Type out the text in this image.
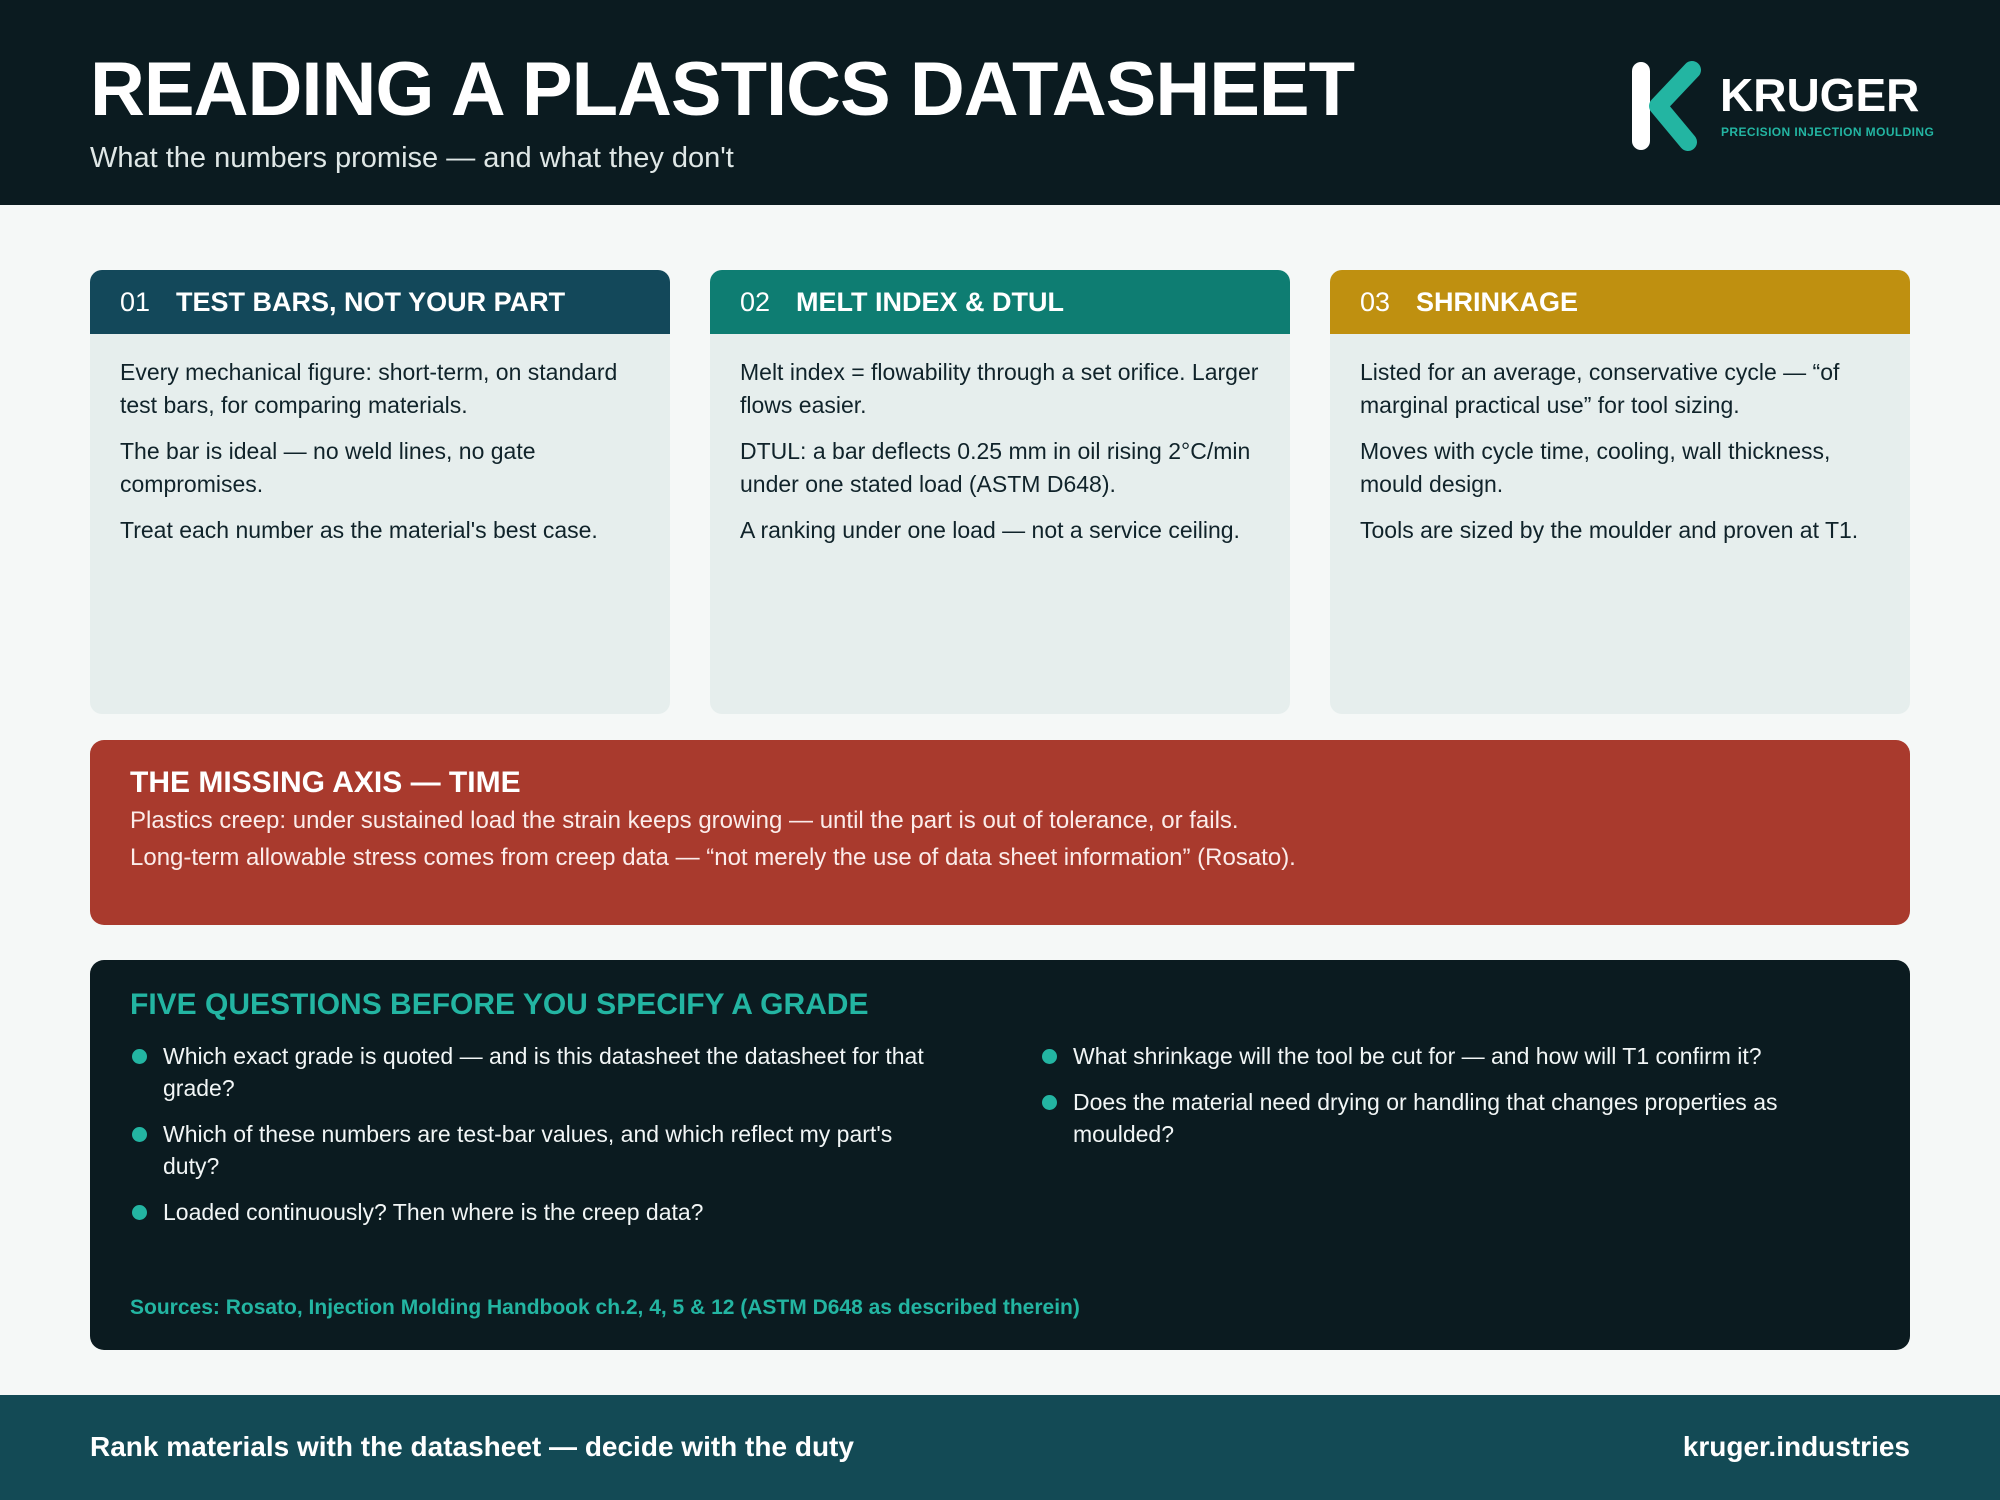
READING A PLASTICS DATASHEET
What the numbers promise — and what they don't
KRUGER
PRECISION INJECTION MOULDING
01 TEST BARS, NOT YOUR PART

Every mechanical figure: short-term, on standard test bars, for comparing materials.

The bar is ideal — no weld lines, no gate compromises.

Treat each number as the material's best case.

02 MELT INDEX & DTUL

Melt index = flowability through a set orifice. Larger flows easier.

DTUL: a bar deflects 0.25 mm in oil rising 2°C/min under one stated load (ASTM D648).

A ranking under one load — not a service ceiling.

03 SHRINKAGE

Listed for an average, conservative cycle — “of marginal practical use” for tool sizing.

Moves with cycle time, cooling, wall thickness, mould design.

Tools are sized by the moulder and proven at T1.

THE MISSING AXIS — TIME

Plastics creep: under sustained load the strain keeps growing — until the part is out of tolerance, or fails.

Long-term allowable stress comes from creep data — “not merely the use of data sheet information” (Rosato).

FIVE QUESTIONS BEFORE YOU SPECIFY A GRADE
Which exact grade is quoted — and is this datasheet the datasheet for that grade?
Which of these numbers are test-bar values, and which reflect my part's duty?
Loaded continuously? Then where is the creep data?
What shrinkage will the tool be cut for — and how will T1 confirm it?
Does the material need drying or handling that changes properties as moulded?
Sources: Rosato, Injection Molding Handbook ch.2, 4, 5 & 12 (ASTM D648 as described therein)
Rank materials with the datasheet — decide with the duty	kruger.industries
